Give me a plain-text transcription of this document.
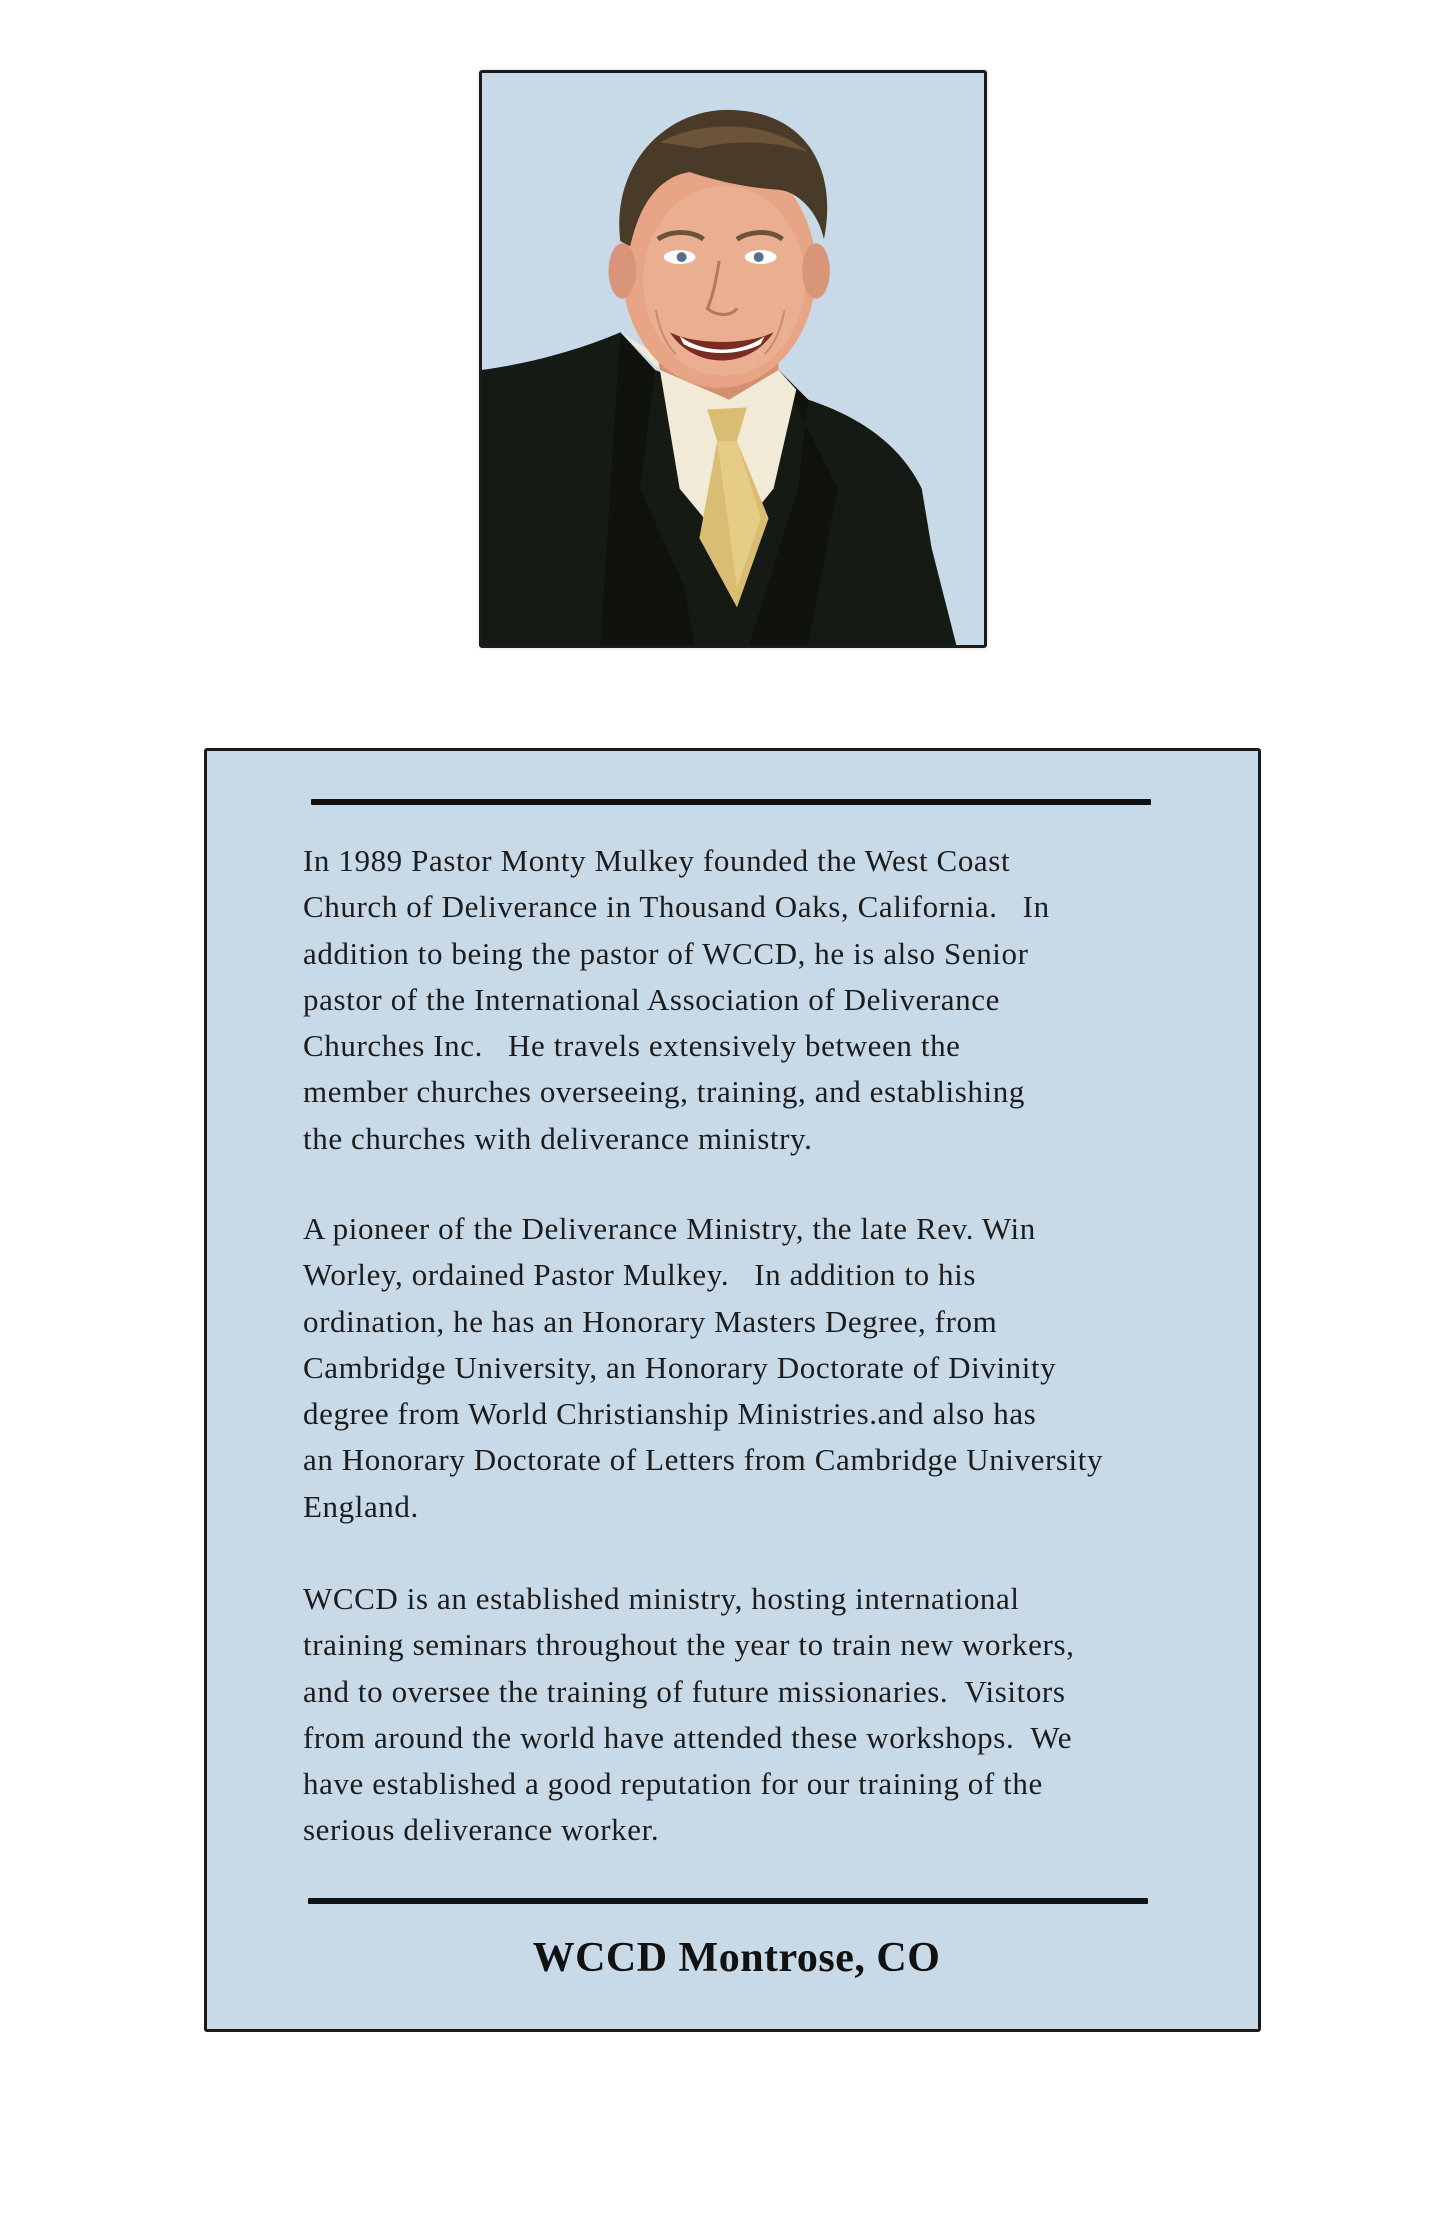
In 1989 Pastor Monty Mulkey founded the West Coast
Church of Deliverance in Thousand Oaks, California.   In
addition to being the pastor of WCCD, he is also Senior
pastor of the International Association of Deliverance
Churches Inc.   He travels extensively between the
member churches overseeing, training, and establishing
the churches with deliverance ministry.

A pioneer of the Deliverance Ministry, the late Rev. Win
Worley, ordained Pastor Mulkey.   In addition to his
ordination, he has an Honorary Masters Degree, from
Cambridge University, an Honorary Doctorate of Divinity
degree from World Christianship Ministries.and also has
an Honorary Doctorate of Letters from Cambridge University
England.

WCCD is an established ministry, hosting international
training seminars throughout the year to train new workers,
and to oversee the training of future missionaries.  Visitors
from around the world have attended these workshops.  We
have established a good reputation for our training of the
serious deliverance worker.

WCCD Montrose, CO
